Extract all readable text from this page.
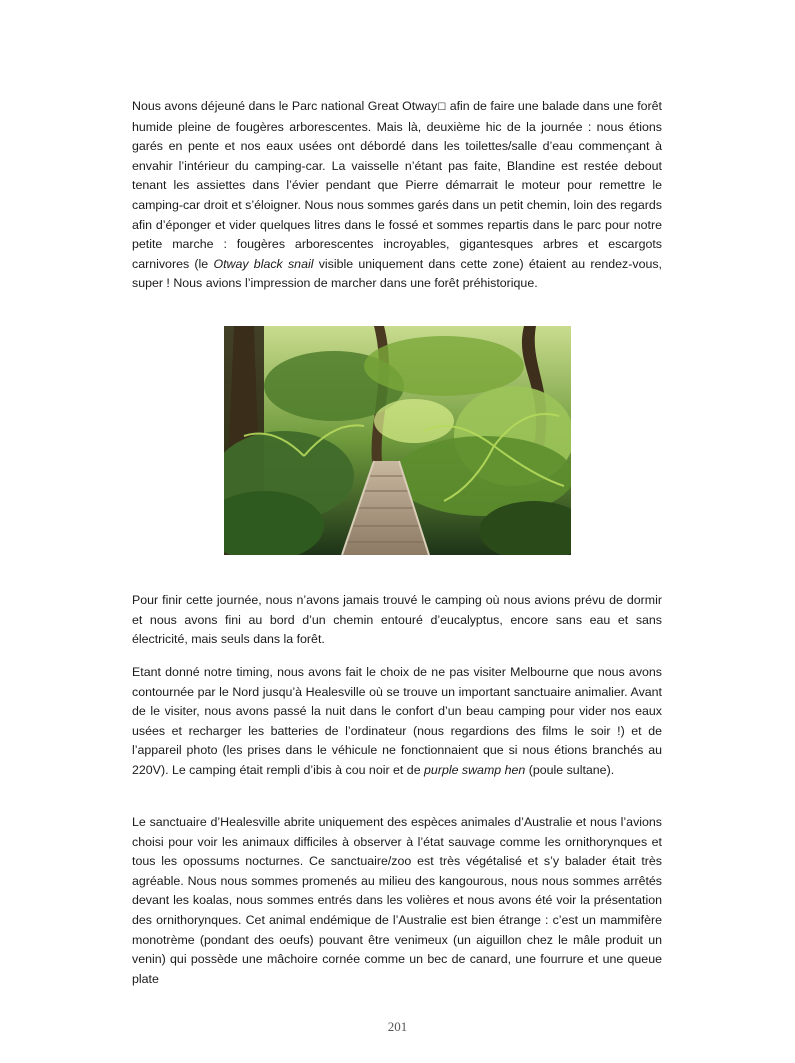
Nous avons déjeuné dans le Parc national Great Otway☐ afin de faire une balade dans une forêt humide pleine de fougères arborescentes. Mais là, deuxième hic de la journée : nous étions garés en pente et nos eaux usées ont débordé dans les toilettes/salle d’eau commençant à envahir l’intérieur du camping-car. La vaisselle n’étant pas faite, Blandine est restée debout tenant les assiettes dans l’évier pendant que Pierre démarrait le moteur pour remettre le camping-car droit et s’éloigner. Nous nous sommes garés dans un petit chemin, loin des regards afin d’éponger et vider quelques litres dans le fossé et sommes repartis dans le parc pour notre petite marche : fougères arborescentes incroyables, gigantesques arbres et escargots carnivores (le Otway black snail visible uniquement dans cette zone) étaient au rendez-vous, super ! Nous avions l’impression de marcher dans une forêt préhistorique.

Pour finir cette journée, nous n’avons jamais trouvé le camping où nous avions prévu de dormir et nous avons fini au bord d’un chemin entouré d’eucalyptus, encore sans eau et sans électricité, mais seuls dans la forêt.

Etant donné notre timing, nous avons fait le choix de ne pas visiter Melbourne que nous avons contournée par le Nord jusqu’à Healesville où se trouve un important sanctuaire animalier. Avant de le visiter, nous avons passé la nuit dans le confort d’un beau camping pour vider nos eaux usées et recharger les batteries de l’ordinateur (nous regardions des films le soir !) et de l’appareil photo (les prises dans le véhicule ne fonctionnaient que si nous étions branchés au 220V). Le camping était rempli d’ibis à cou noir et de purple swamp hen (poule sultane).

Le sanctuaire d’Healesville abrite uniquement des espèces animales d’Australie et nous l’avions choisi pour voir les animaux difficiles à observer à l’état sauvage comme les ornithorynques et tous les opossums nocturnes. Ce sanctuaire/zoo est très végétalisé et s’y balader était très agréable. Nous nous sommes promenés au milieu des kangourous, nous nous sommes arrêtés devant les koalas, nous sommes entrés dans les volières et nous avons été voir la présentation des ornithorynques. Cet animal endémique de l’Australie est bien étrange : c’est un mammifère monotrème (pondant des oeufs) pouvant être venimeux (un aiguillon chez le mâle produit un venin) qui possède une mâchoire cornée comme un bec de canard, une fourrure et une queue plate

201
